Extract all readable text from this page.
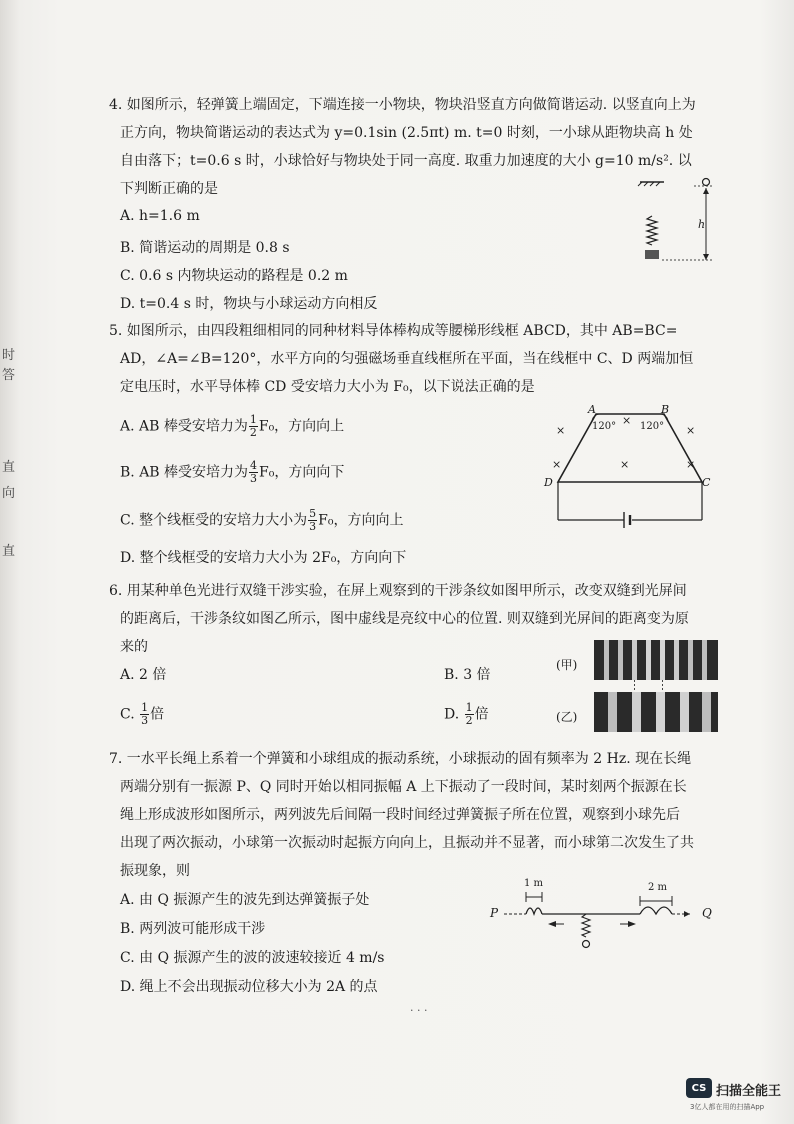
时
答
直
向
直
4. 如图所示，轻弹簧上端固定，下端连接一小物块，物块沿竖直方向做简谐运动. 以竖直向上为
正方向，物块简谐运动的表达式为 y=0.1sin (2.5πt) m. t=0 时刻，一小球从距物块高 h 处
自由落下；t=0.6 s 时，小球恰好与物块处于同一高度. 取重力加速度的大小 g=10 m/s². 以
下判断正确的是
A. h=1.6 m
B. 简谐运动的周期是 0.8 s
C. 0.6 s 内物块运动的路程是 0.2 m
D. t=0.4 s 时，物块与小球运动方向相反
h
5. 如图所示，由四段粗细相同的同种材料导体棒构成等腰梯形线框 ABCD，其中 AB=BC=
AD，∠A=∠B=120°，水平方向的匀强磁场垂直线框所在平面，当在线框中 C、D 两端加恒
定电压时，水平导体棒 CD 受安培力大小为 F₀，以下说法正确的是
A. AB 棒受安培力为 $\frac{1}{2} F_0$，方向向上
B. AB 棒受安培力为 $\frac{4}{3} F_0$，方向向下
C. 整个线框受的安培力大小为 $\frac{5}{3} F_0$，方向向上
D. 整个线框受的安培力大小为 2F₀，方向向下
A	B
C
D
120° 120°
×
×
×
×	×	×
6. 用某种单色光进行双缝干涉实验，在屏上观察到的干涉条纹如图甲所示，改变双缝到光屏间
的距离后，干涉条纹如图乙所示，图中虚线是亮纹中心的位置. 则双缝到光屏间的距离变为原
来的
A. 2 倍	B. 3 倍
C. $\frac{1}{3}$ 倍	D. $\frac{1}{2}$ 倍
(甲)
(乙)
7. 一水平长绳上系着一个弹簧和小球组成的振动系统，小球振动的固有频率为 2 Hz. 现在长绳
两端分别有一振源 P、Q 同时开始以相同振幅 A 上下振动了一段时间，某时刻两个振源在长
绳上形成波形如图所示，两列波先后间隔一段时间经过弹簧振子所在位置，观察到小球先后
出现了两次振动，小球第一次振动时起振方向向上，且振动并不显著，而小球第二次发生了共
振现象，则
A. 由 Q 振源产生的波先到达弹簧振子处
B. 两列波可能形成干涉
C. 由 Q 振源产生的波的波速较接近 4 m/s
D. 绳上不会出现振动位移大小为 2A 的点
P	Q
1 m	2 m
· · ·
CS 扫描全能王
3亿人都在用的扫描App
